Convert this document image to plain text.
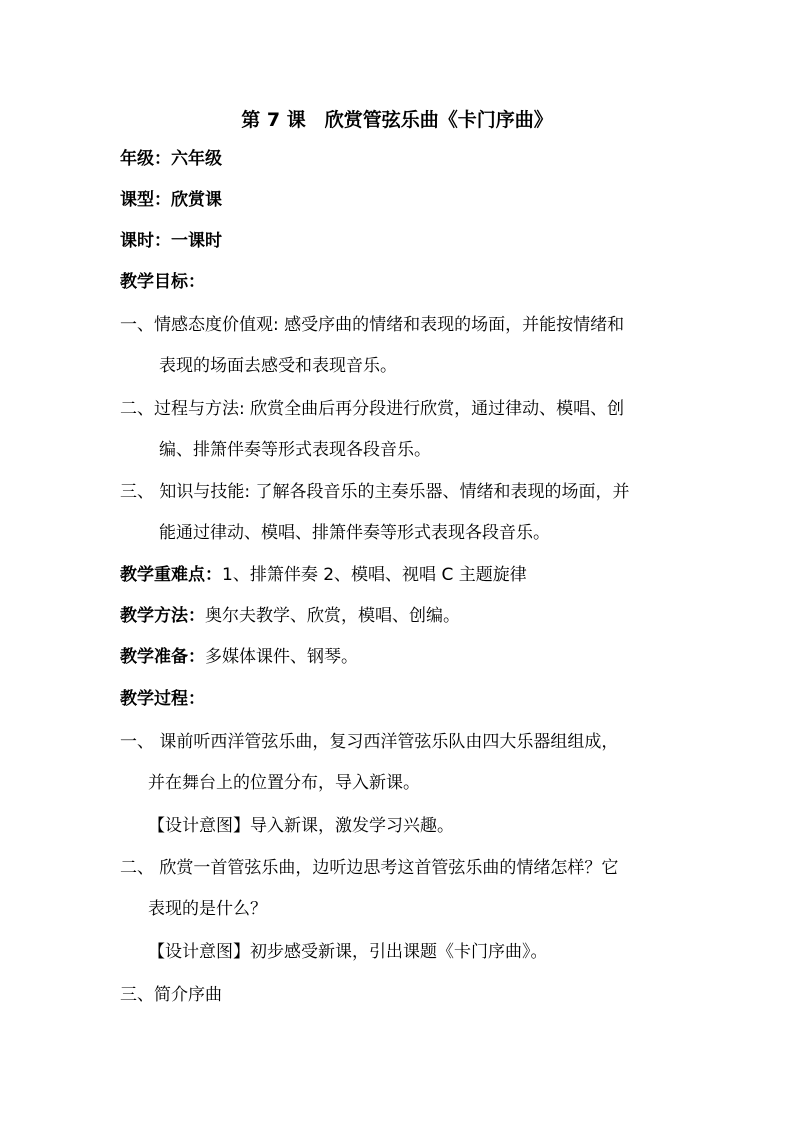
第 7 课　欣赏管弦乐曲《卡门序曲》
年级：六年级
课型：欣赏课
课时：一课时
教学目标：
一、情感态度价值观: 感受序曲的情绪和表现的场面，并能按情绪和
表现的场面去感受和表现音乐。
二、过程与方法: 欣赏全曲后再分段进行欣赏，通过律动、模唱、创
编、排箫伴奏等形式表现各段音乐。
三、 知识与技能: 了解各段音乐的主奏乐器、情绪和表现的场面，并
能通过律动、模唱、排箫伴奏等形式表现各段音乐。
教学重难点：1、排箫伴奏 2、模唱、视唱 C 主题旋律
教学方法：奥尔夫教学、欣赏，模唱、创编。
教学准备：多媒体课件、钢琴。
教学过程：
一、 课前听西洋管弦乐曲，复习西洋管弦乐队由四大乐器组组成，
并在舞台上的位置分布，导入新课。
【设计意图】导入新课，激发学习兴趣。
二、 欣赏一首管弦乐曲，边听边思考这首管弦乐曲的情绪怎样？它
表现的是什么？
【设计意图】初步感受新课，引出课题《卡门序曲》。
三、简介序曲
